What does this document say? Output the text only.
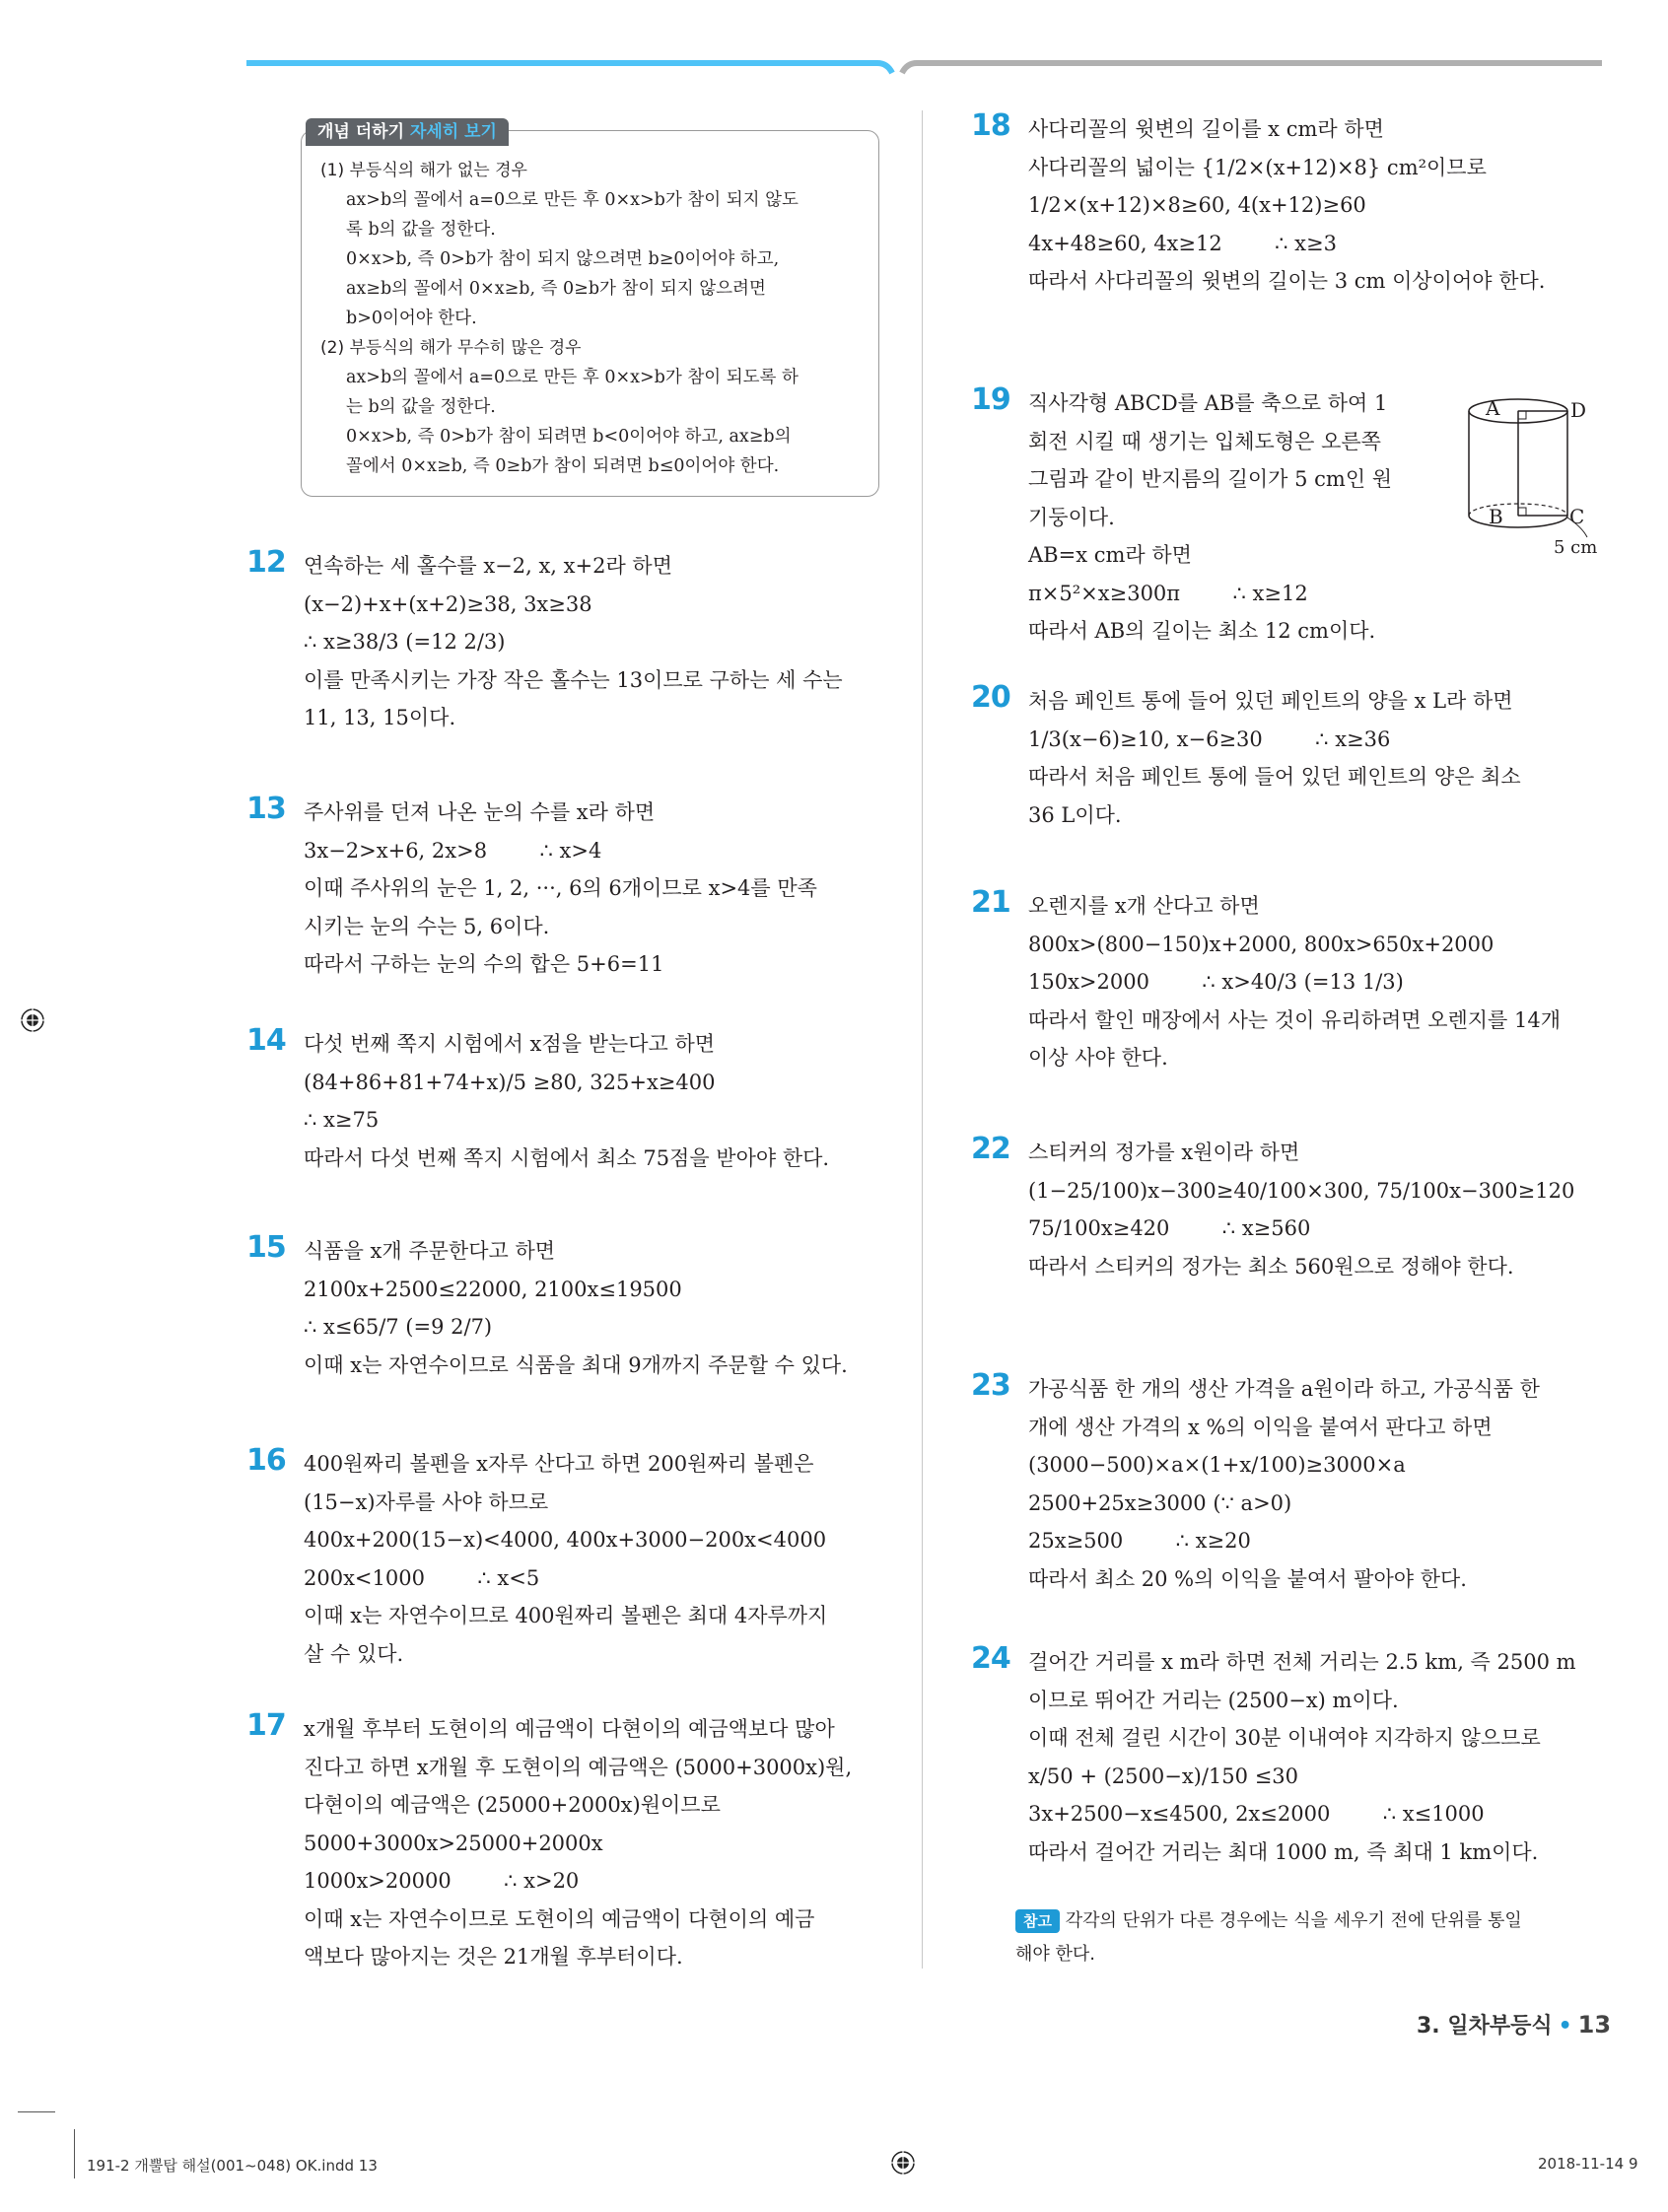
개념 더하기 자세히 보기
(1) 부등식의 해가 없는 경우
ax>b의 꼴에서 a=0으로 만든 후 0×x>b가 참이 되지 않도
록 b의 값을 정한다.
0×x>b, 즉 0>b가 참이 되지 않으려면 b≥0이어야 하고,
ax≥b의 꼴에서 0×x≥b, 즉 0≥b가 참이 되지 않으려면
b>0이어야 한다.
(2) 부등식의 해가 무수히 많은 경우
ax>b의 꼴에서 a=0으로 만든 후 0×x>b가 참이 되도록 하
는 b의 값을 정한다.
0×x>b, 즉 0>b가 참이 되려면 b<0이어야 하고, ax≥b의
꼴에서 0×x≥b, 즉 0≥b가 참이 되려면 b≤0이어야 한다.
12 연속하는 세 홀수를 x−2, x, x+2라 하면
(x−2)+x+(x+2)≥38, 3x≥38
∴ x≥38/3 (=12 2/3)
이를 만족시키는 가장 작은 홀수는 13이므로 구하는 세 수는
11, 13, 15이다.
13 주사위를 던져 나온 눈의 수를 x라 하면
3x−2>x+6, 2x>8        ∴ x>4
이때 주사위의 눈은 1, 2, ···, 6의 6개이므로 x>4를 만족
시키는 눈의 수는 5, 6이다.
따라서 구하는 눈의 수의 합은 5+6=11
14 다섯 번째 쪽지 시험에서 x점을 받는다고 하면
(84+86+81+74+x)/5 ≥80, 325+x≥400
∴ x≥75
따라서 다섯 번째 쪽지 시험에서 최소 75점을 받아야 한다.
15 식품을 x개 주문한다고 하면
2100x+2500≤22000, 2100x≤19500
∴ x≤65/7 (=9 2/7)
이때 x는 자연수이므로 식품을 최대 9개까지 주문할 수 있다.
16 400원짜리 볼펜을 x자루 산다고 하면 200원짜리 볼펜은
(15−x)자루를 사야 하므로
400x+200(15−x)<4000, 400x+3000−200x<4000
200x<1000        ∴ x<5
이때 x는 자연수이므로 400원짜리 볼펜은 최대 4자루까지
살 수 있다.
17 x개월 후부터 도현이의 예금액이 다현이의 예금액보다 많아
진다고 하면 x개월 후 도현이의 예금액은 (5000+3000x)원,
다현이의 예금액은 (25000+2000x)원이므로
5000+3000x>25000+2000x
1000x>20000        ∴ x>20
이때 x는 자연수이므로 도현이의 예금액이 다현이의 예금
액보다 많아지는 것은 21개월 후부터이다.
18 사다리꼴의 윗변의 길이를 x cm라 하면
사다리꼴의 넓이는 {1/2×(x+12)×8} cm²이므로
1/2×(x+12)×8≥60, 4(x+12)≥60
4x+48≥60, 4x≥12        ∴ x≥3
따라서 사다리꼴의 윗변의 길이는 3 cm 이상이어야 한다.
19 직사각형 ABCD를 AB를 축으로 하여 1
회전 시킬 때 생기는 입체도형은 오른쪽
그림과 같이 반지름의 길이가 5 cm인 원
기둥이다.
AB=x cm라 하면
π×5²×x≥300π        ∴ x≥12
따라서 AB의 길이는 최소 12 cm이다.
20 처음 페인트 통에 들어 있던 페인트의 양을 x L라 하면
1/3(x−6)≥10, x−6≥30        ∴ x≥36
따라서 처음 페인트 통에 들어 있던 페인트의 양은 최소
36 L이다.
21 오렌지를 x개 산다고 하면
800x>(800−150)x+2000, 800x>650x+2000
150x>2000        ∴ x>40/3 (=13 1/3)
따라서 할인 매장에서 사는 것이 유리하려면 오렌지를 14개
이상 사야 한다.
22 스티커의 정가를 x원이라 하면
(1−25/100)x−300≥40/100×300, 75/100x−300≥120
75/100x≥420        ∴ x≥560
따라서 스티커의 정가는 최소 560원으로 정해야 한다.
23 가공식품 한 개의 생산 가격을 a원이라 하고, 가공식품 한
개에 생산 가격의 x %의 이익을 붙여서 판다고 하면
(3000−500)×a×(1+x/100)≥3000×a
2500+25x≥3000 (∵ a>0)
25x≥500        ∴ x≥20
따라서 최소 20 %의 이익을 붙여서 팔아야 한다.
24 걸어간 거리를 x m라 하면 전체 거리는 2.5 km, 즉 2500 m
이므로 뛰어간 거리는 (2500−x) m이다.
이때 전체 걸린 시간이 30분 이내여야 지각하지 않으므로
x/50 + (2500−x)/150 ≤30
3x+2500−x≤4500, 2x≤2000        ∴ x≤1000
따라서 걸어간 거리는 최대 1000 m, 즉 최대 1 km이다.
A	D
B	C
5 cm
참고 각각의 단위가 다른 경우에는 식을 세우기 전에 단위를 통일
해야 한다.
3. 일차부등식 • 13
191-2 개뿔탑 해설(001~048) OK.indd 13	2018-11-14 9
